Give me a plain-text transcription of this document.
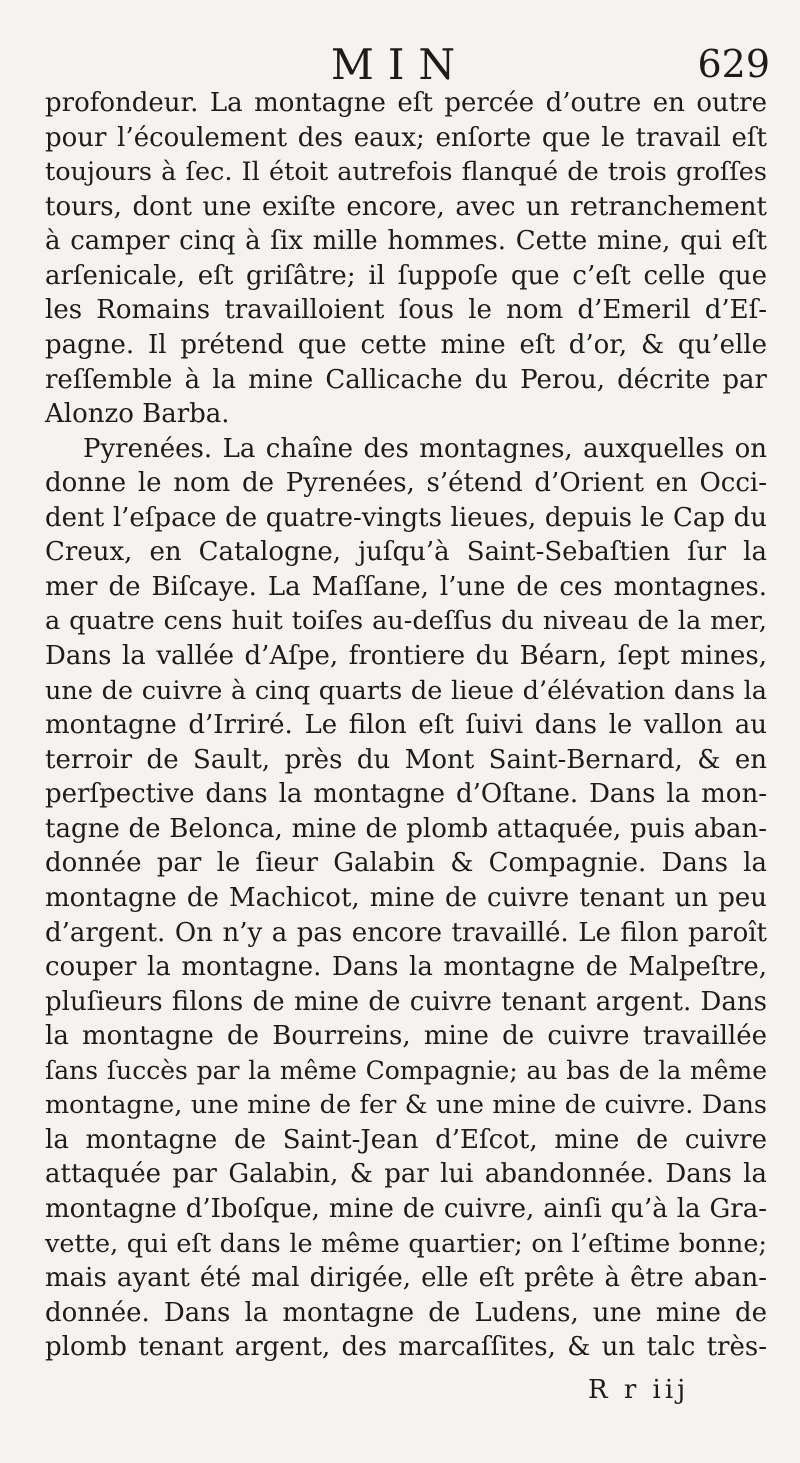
MIN	629
profondeur. La montagne eſt percée d’outre en outre
pour l’écoulement des eaux; enſorte que le travail eſt
toujours à ſec. Il étoit autrefois flanqué de trois groſſes
tours, dont une exiſte encore, avec un retranchement
à camper cinq à ſix mille hommes. Cette mine, qui eſt
arſenicale, eſt griſâtre; il ſuppoſe que c’eſt celle que
les Romains travailloient ſous le nom d’Emeril d’Eſ-
pagne. Il prétend que cette mine eſt d’or, & qu’elle
reſſemble à la mine Callicache du Perou, décrite par
Alonzo Barba.
Pyrenées. La chaîne des montagnes, auxquelles on
donne le nom de Pyrenées, s’étend d’Orient en Occi-
dent l’eſpace de quatre-vingts lieues, depuis le Cap du
Creux, en Catalogne, juſqu’à Saint-Sebaſtien ſur la
mer de Biſcaye. La Maſſane, l’une de ces montagnes.
a quatre cens huit toiſes au-deſſus du niveau de la mer,
Dans la vallée d’Aſpe, frontiere du Béarn, ſept mines,
une de cuivre à cinq quarts de lieue d’élévation dans la
montagne d’Irriré. Le filon eſt ſuivi dans le vallon au
terroir de Sault, près du Mont Saint-Bernard, & en
perſpective dans la montagne d’Oſtane. Dans la mon-
tagne de Belonca, mine de plomb attaquée, puis aban-
donnée par le ſieur Galabin & Compagnie. Dans la
montagne de Machicot, mine de cuivre tenant un peu
d’argent. On n’y a pas encore travaillé. Le filon paroît
couper la montagne. Dans la montagne de Malpeſtre,
pluſieurs filons de mine de cuivre tenant argent. Dans
la montagne de Bourreins, mine de cuivre travaillée
ſans ſuccès par la même Compagnie; au bas de la même
montagne, une mine de fer & une mine de cuivre. Dans
la montagne de Saint-Jean d’Eſcot, mine de cuivre
attaquée par Galabin, & par lui abandonnée. Dans la
montagne d’Iboſque, mine de cuivre, ainſi qu’à la Gra-
vette, qui eſt dans le même quartier; on l’eſtime bonne;
mais ayant été mal dirigée, elle eſt prête à être aban-
donnée. Dans la montagne de Ludens, une mine de
plomb tenant argent, des marcaſſites, & un talc très-
R r iij
